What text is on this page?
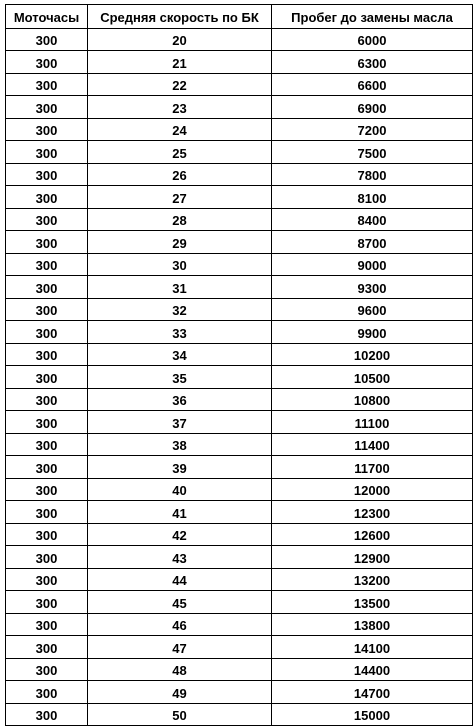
Моточасы	Средняя скорость по БК	Пробег до замены масла
300	20	6000
300	21	6300
300	22	6600
300	23	6900
300	24	7200
300	25	7500
300	26	7800
300	27	8100
300	28	8400
300	29	8700
300	30	9000
300	31	9300
300	32	9600
300	33	9900
300	34	10200
300	35	10500
300	36	10800
300	37	11100
300	38	11400
300	39	11700
300	40	12000
300	41	12300
300	42	12600
300	43	12900
300	44	13200
300	45	13500
300	46	13800
300	47	14100
300	48	14400
300	49	14700
300	50	15000
